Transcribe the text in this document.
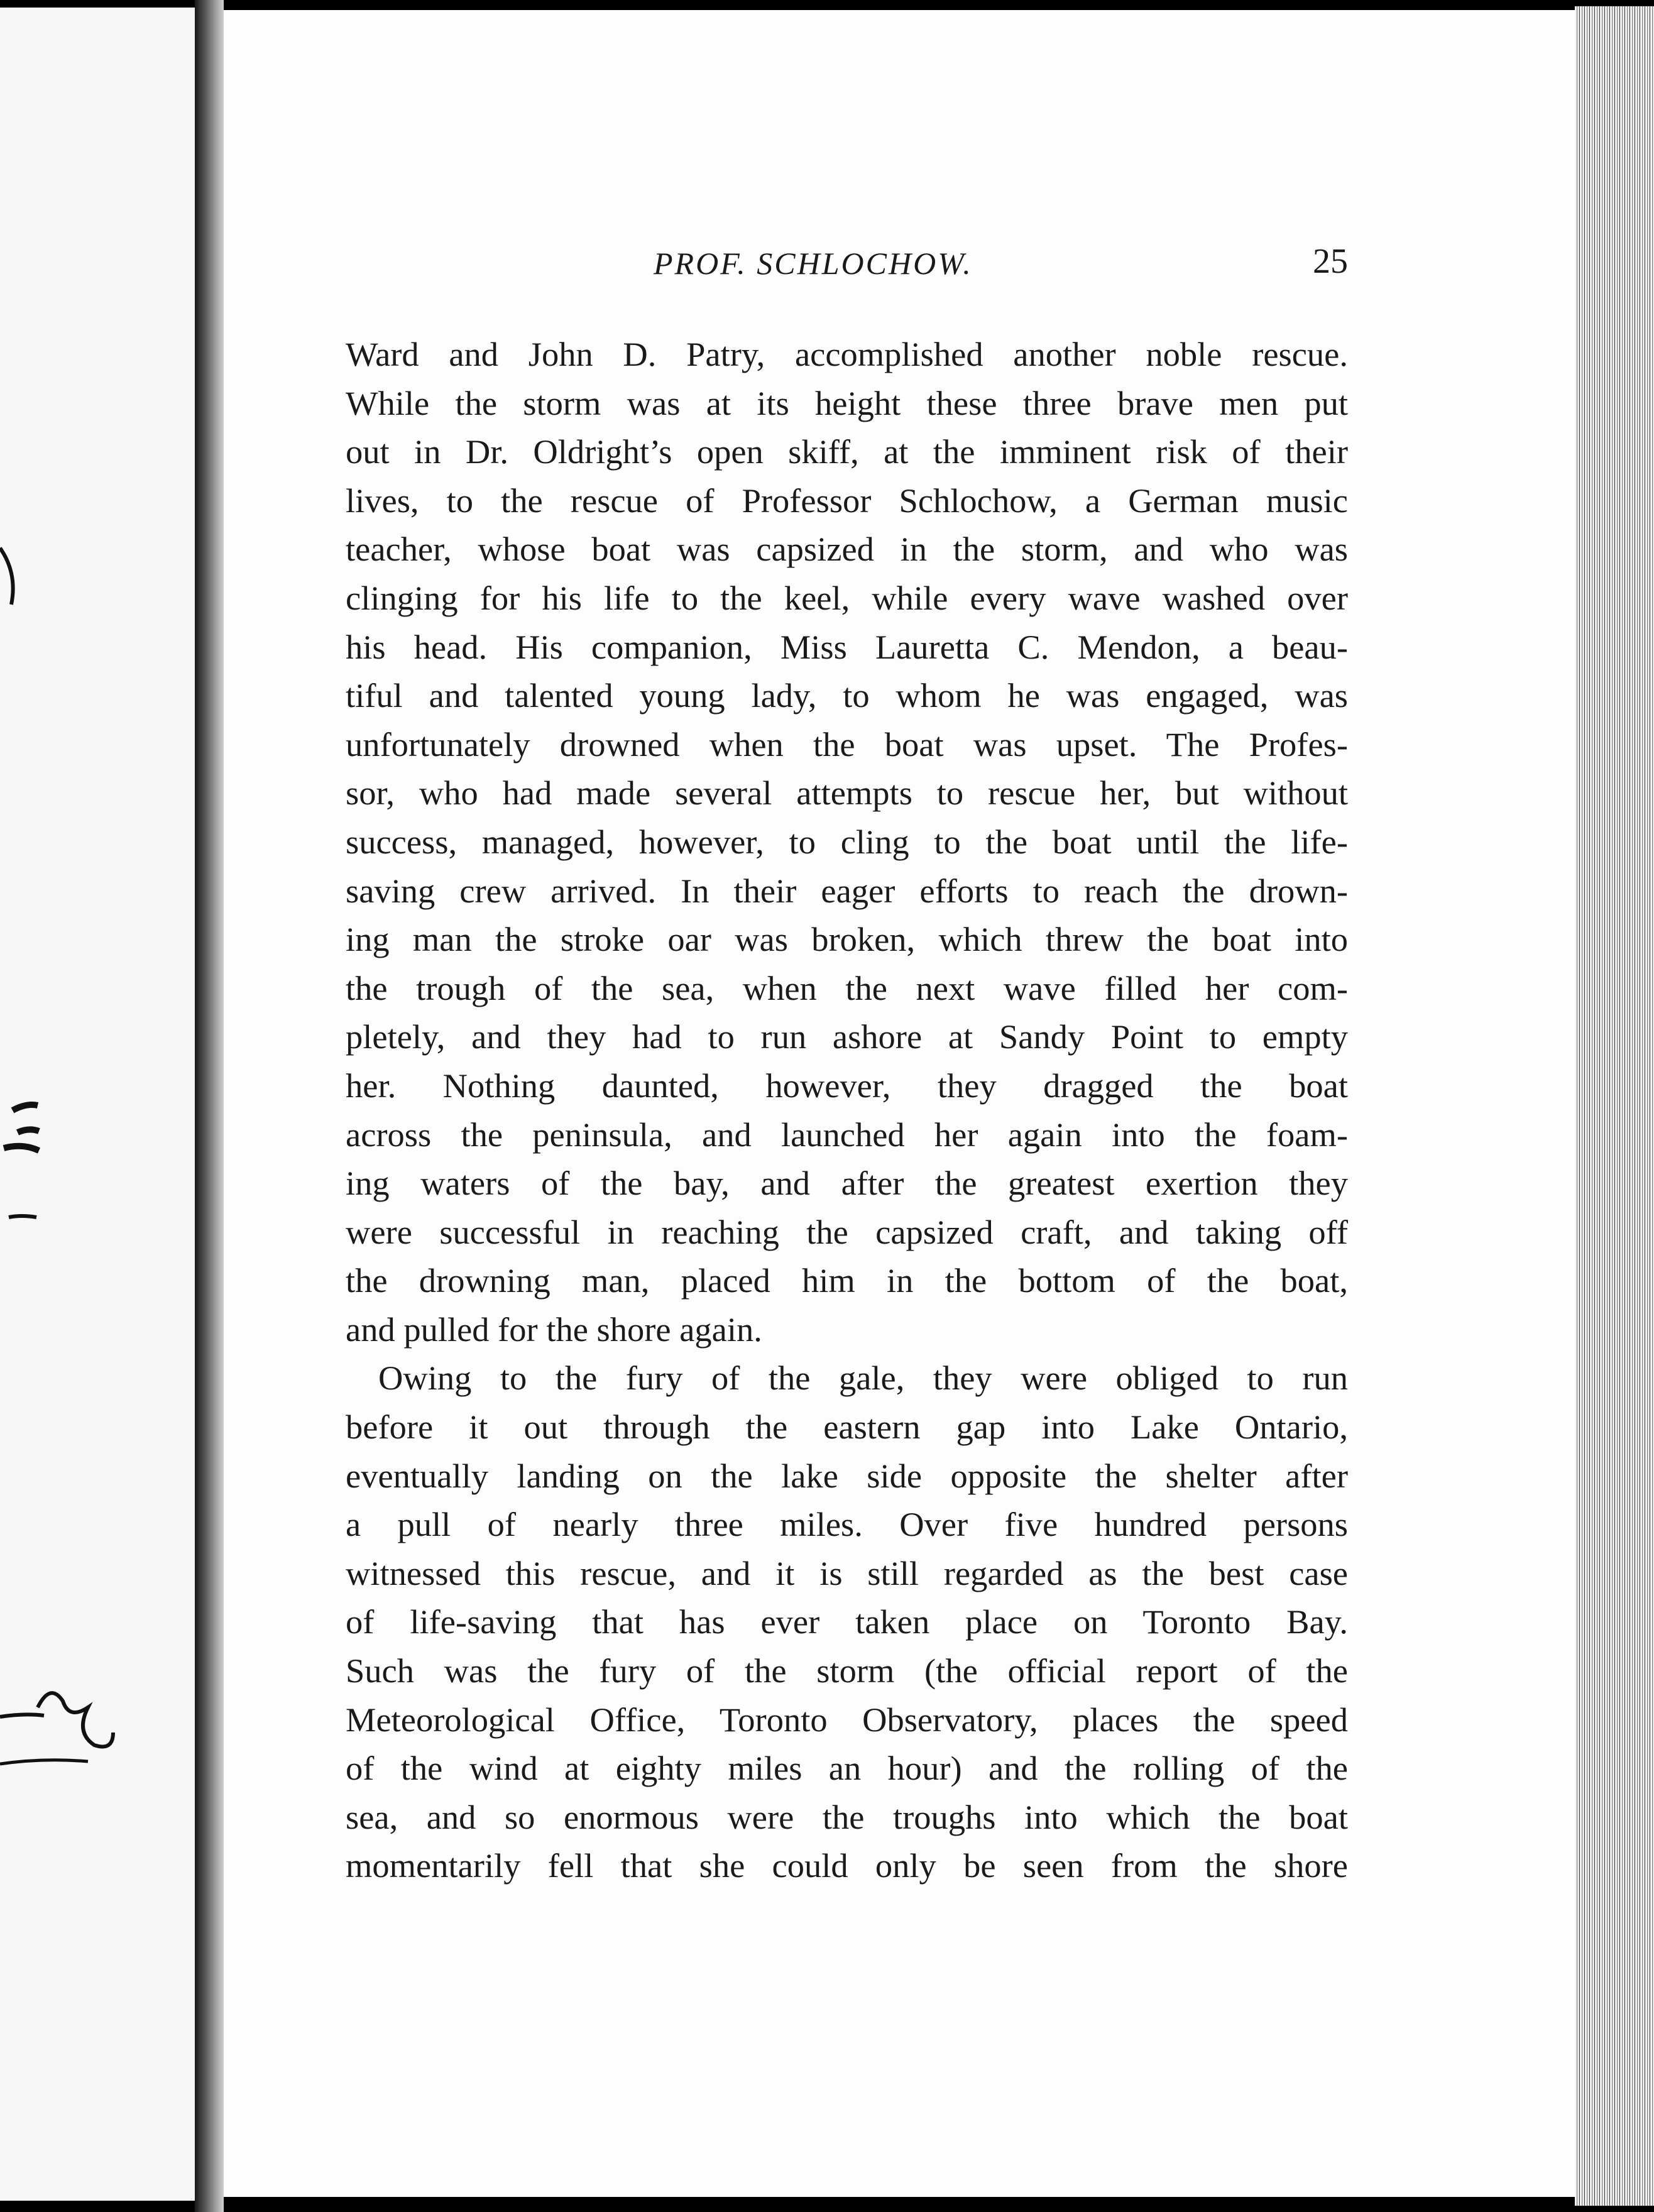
PROF. SCHLOCHOW.	25
Ward and John D. Patry, accomplished another noble rescue.
While the storm was at its height these three brave men put
out in Dr. Oldright’s open skiff, at the imminent risk of their
lives, to the rescue of Professor Schlochow, a German music
teacher, whose boat was capsized in the storm, and who was
clinging for his life to the keel, while every wave washed over
his head. His companion, Miss Lauretta C. Mendon, a beau-
tiful and talented young lady, to whom he was engaged, was
unfortunately drowned when the boat was upset. The Profes-
sor, who had made several attempts to rescue her, but without
success, managed, however, to cling to the boat until the life-
saving crew arrived. In their eager efforts to reach the drown-
ing man the stroke oar was broken, which threw the boat into
the trough of the sea, when the next wave filled her com-
pletely, and they had to run ashore at Sandy Point to empty
her. Nothing daunted, however, they dragged the boat
across the peninsula, and launched her again into the foam-
ing waters of the bay, and after the greatest exertion they
were successful in reaching the capsized craft, and taking off
the drowning man, placed him in the bottom of the boat,
and pulled for the shore again.
Owing to the fury of the gale, they were obliged to run
before it out through the eastern gap into Lake Ontario,
eventually landing on the lake side opposite the shelter after
a pull of nearly three miles. Over five hundred persons
witnessed this rescue, and it is still regarded as the best case
of life-saving that has ever taken place on Toronto Bay.
Such was the fury of the storm (the official report of the
Meteorological Office, Toronto Observatory, places the speed
of the wind at eighty miles an hour) and the rolling of the
sea, and so enormous were the troughs into which the boat
momentarily fell that she could only be seen from the shore
